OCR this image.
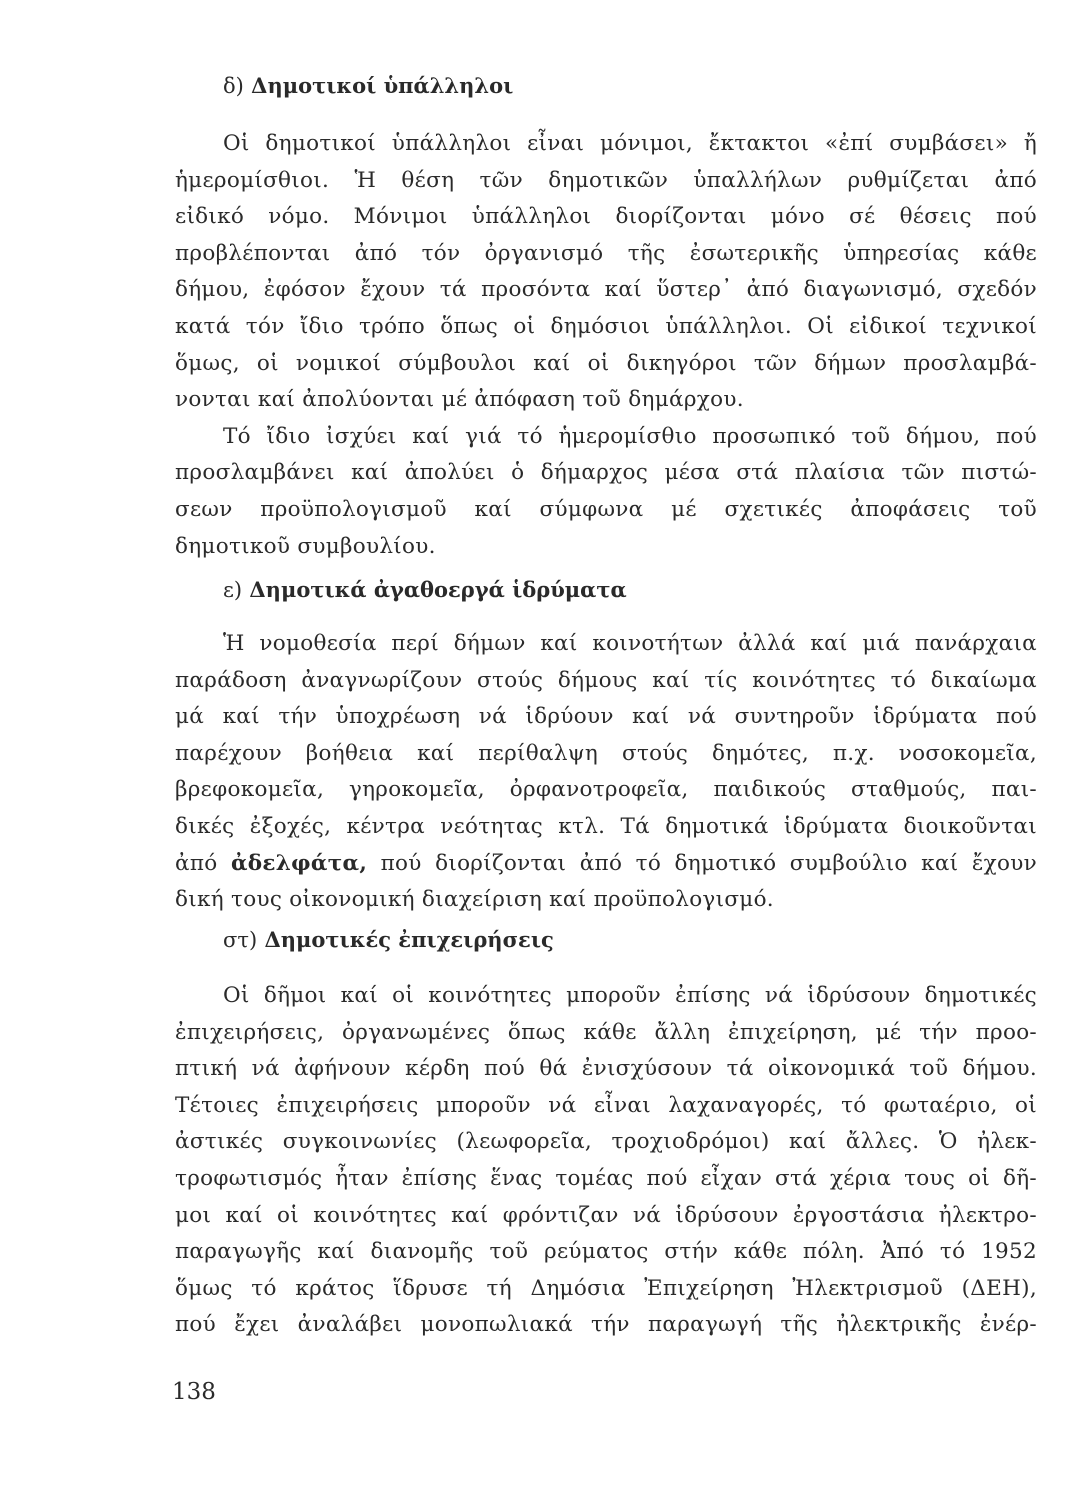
δ) Δημοτικοί ὑπάλληλοι
Οἱ δημοτικοί ὑπάλληλοι εἶναι μόνιμοι, ἔκτακτοι «ἐπί συμβάσει» ἤ
ἡμερομίσθιοι. Ἡ θέση τῶν δημοτικῶν ὑπαλλήλων ρυθμίζεται ἀπό
εἰδικό νόμο. Μόνιμοι ὑπάλληλοι διορίζονται μόνο σέ θέσεις πού
προβλέπονται ἀπό τόν ὀργανισμό τῆς ἐσωτερικῆς ὑπηρεσίας κάθε
δήμου, ἐφόσον ἔχουν τά προσόντα καί ὕστερ᾿ ἀπό διαγωνισμό, σχεδόν
κατά τόν ἴδιο τρόπο ὅπως οἱ δημόσιοι ὑπάλληλοι. Οἱ εἰδικοί τεχνικοί
ὅμως, οἱ νομικοί σύμβουλοι καί οἱ δικηγόροι τῶν δήμων προσλαμβά-
νονται καί ἀπολύονται μέ ἀπόφαση τοῦ δημάρχου.
Τό ἴδιο ἰσχύει καί γιά τό ἡμερομίσθιο προσωπικό τοῦ δήμου, πού
προσλαμβάνει καί ἀπολύει ὁ δήμαρχος μέσα στά πλαίσια τῶν πιστώ-
σεων προϋπολογισμοῦ καί σύμφωνα μέ σχετικές ἀποφάσεις τοῦ
δημοτικοῦ συμβουλίου.
ε) Δημοτικά ἀγαθοεργά ἱδρύματα
Ἡ νομοθεσία περί δήμων καί κοινοτήτων ἀλλά καί μιά πανάρχαια
παράδοση ἀναγνωρίζουν στούς δήμους καί τίς κοινότητες τό δικαίωμα
μά καί τήν ὑποχρέωση νά ἱδρύουν καί νά συντηροῦν ἱδρύματα πού
παρέχουν βοήθεια καί περίθαλψη στούς δημότες, π.χ. νοσοκομεῖα,
βρεφοκομεῖα, γηροκομεῖα, ὀρφανοτροφεῖα, παιδικούς σταθμούς, παι-
δικές ἐξοχές, κέντρα νεότητας κτλ. Τά δημοτικά ἱδρύματα διοικοῦνται
ἀπό ἀδελφάτα, πού διορίζονται ἀπό τό δημοτικό συμβούλιο καί ἔχουν
δική τους οἰκονομική διαχείριση καί προϋπολογισμό.
στ) Δημοτικές ἐπιχειρήσεις
Οἱ δῆμοι καί οἱ κοινότητες μποροῦν ἐπίσης νά ἱδρύσουν δημοτικές
ἐπιχειρήσεις, ὀργανωμένες ὅπως κάθε ἄλλη ἐπιχείρηση, μέ τήν προο-
πτική νά ἀφήνουν κέρδη πού θά ἐνισχύσουν τά οἰκονομικά τοῦ δήμου.
Τέτοιες ἐπιχειρήσεις μποροῦν νά εἶναι λαχαναγορές, τό φωταέριο, οἱ
ἀστικές συγκοινωνίες (λεωφορεῖα, τροχιοδρόμοι) καί ἄλλες. Ὁ ἠλεκ-
τροφωτισμός ἦταν ἐπίσης ἕνας τομέας πού εἶχαν στά χέρια τους οἱ δῆ-
μοι καί οἱ κοινότητες καί φρόντιζαν νά ἱδρύσουν ἐργοστάσια ἠλεκτρο-
παραγωγῆς καί διανομῆς τοῦ ρεύματος στήν κάθε πόλη. Ἀπό τό 1952
ὅμως τό κράτος ἵδρυσε τή Δημόσια Ἐπιχείρηση Ἠλεκτρισμοῦ (ΔΕΗ),
πού ἔχει ἀναλάβει μονοπωλιακά τήν παραγωγή τῆς ἠλεκτρικῆς ἐνέρ-
138
